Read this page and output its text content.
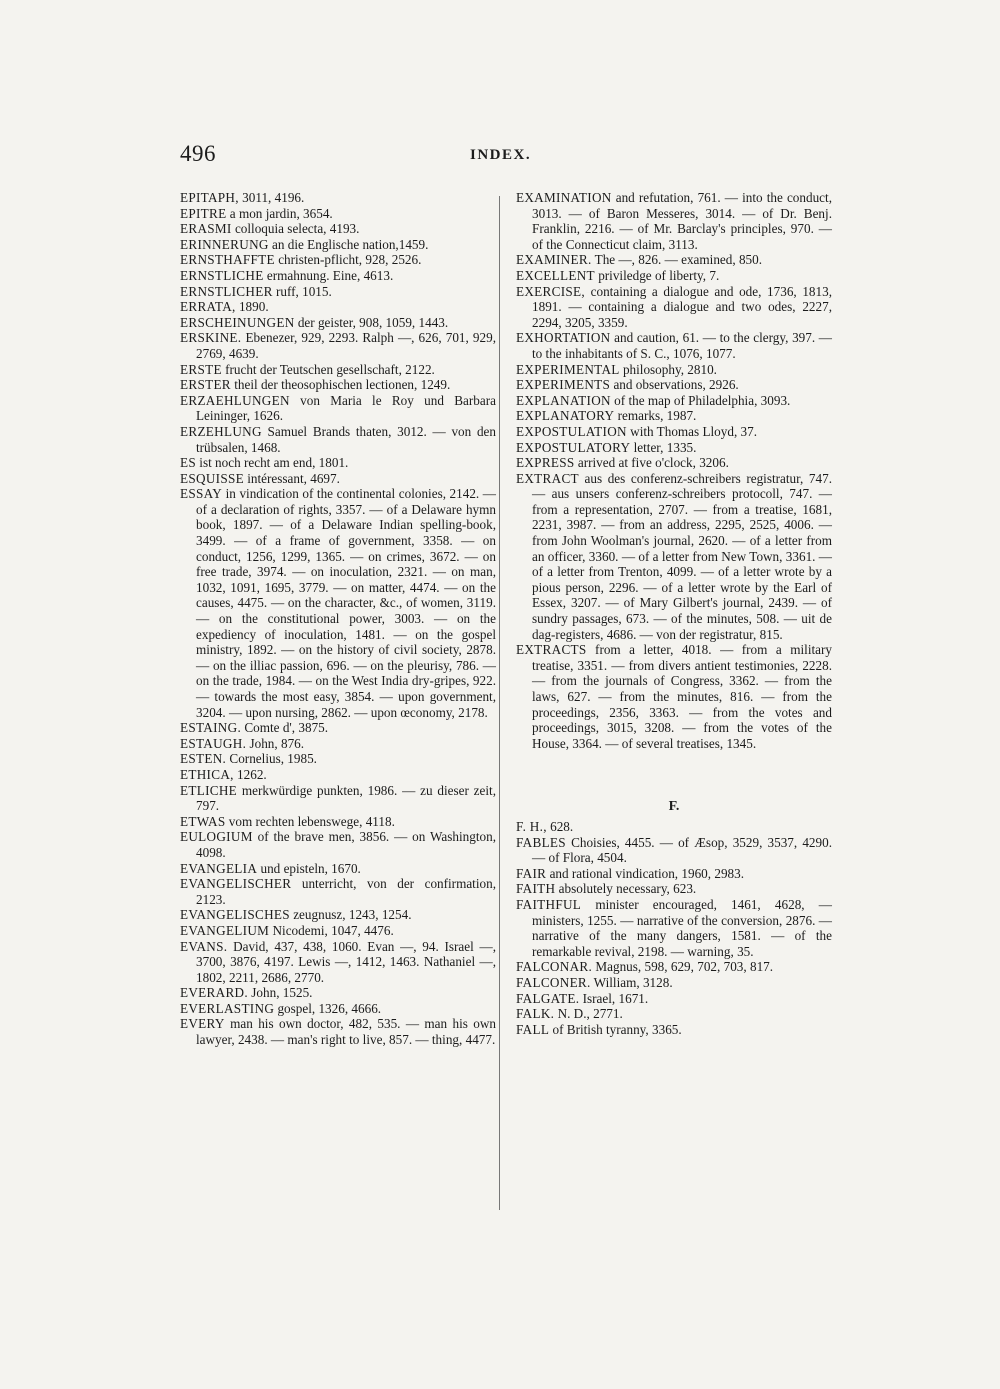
496	INDEX.
EPITAPH, 3011, 4196.
EPITRE a mon jardin, 3654.
ERASMI colloquia selecta, 4193.
ERINNERUNG an die Englische nation,1459.
ERNSTHAFFTE christen-pflicht, 928, 2526.
ERNSTLICHE ermahnung. Eine, 4613.
ERNSTLICHER ruff, 1015.
ERRATA, 1890.
ERSCHEINUNGEN der geister, 908, 1059, 1443.
ERSKINE. Ebenezer, 929, 2293. Ralph —, 626, 701, 929, 2769, 4639.
ERSTE frucht der Teutschen gesellschaft, 2122.
ERSTER theil der theosophischen lectionen, 1249.
ERZAEHLUNGEN von Maria le Roy und Barbara Leininger, 1626.
ERZEHLUNG Samuel Brands thaten, 3012. — von den trübsalen, 1468.
ES ist noch recht am end, 1801.
ESQUISSE intéressant, 4697.
ESSAY in vindication of the continental colonies, 2142. — of a declaration of rights, 3357. — of a Delaware hymn book, 1897. — of a Delaware Indian spelling-book, 3499. — of a frame of government, 3358. — on conduct, 1256, 1299, 1365. — on crimes, 3672. — on free trade, 3974. — on inoculation, 2321. — on man, 1032, 1091, 1695, 3779. — on matter, 4474. — on the causes, 4475. — on the character, &c., of women, 3119. — on the constitutional power, 3003. — on the expediency of inoculation, 1481. — on the gospel ministry, 1892. — on the history of civil society, 2878. — on the illiac passion, 696. — on the pleurisy, 786. — on the trade, 1984. — on the West India dry-gripes, 922. — towards the most easy, 3854. — upon government, 3204. — upon nursing, 2862. — upon œconomy, 2178.
ESTAING. Comte d', 3875.
ESTAUGH. John, 876.
ESTEN. Cornelius, 1985.
ETHICA, 1262.
ETLICHE merkwürdige punkten, 1986. — zu dieser zeit, 797.
ETWAS vom rechten lebenswege, 4118.
EULOGIUM of the brave men, 3856. — on Washington, 4098.
EVANGELIA und episteln, 1670.
EVANGELISCHER unterricht, von der confirmation, 2123.
EVANGELISCHES zeugnusz, 1243, 1254.
EVANGELIUM Nicodemi, 1047, 4476.
EVANS. David, 437, 438, 1060. Evan —, 94. Israel —, 3700, 3876, 4197. Lewis —, 1412, 1463. Nathaniel —, 1802, 2211, 2686, 2770.
EVERARD. John, 1525.
EVERLASTING gospel, 1326, 4666.
EVERY man his own doctor, 482, 535. — man his own lawyer, 2438. — man's right to live, 857. — thing, 4477.
EXAMINATION and refutation, 761. — into the conduct, 3013. — of Baron Messeres, 3014. — of Dr. Benj. Franklin, 2216. — of Mr. Barclay's principles, 970. — of the Connecticut claim, 3113.
EXAMINER. The —, 826. — examined, 850.
EXCELLENT priviledge of liberty, 7.
EXERCISE, containing a dialogue and ode, 1736, 1813, 1891. — containing a dialogue and two odes, 2227, 2294, 3205, 3359.
EXHORTATION and caution, 61. — to the clergy, 397. — to the inhabitants of S. C., 1076, 1077.
EXPERIMENTAL philosophy, 2810.
EXPERIMENTS and observations, 2926.
EXPLANATION of the map of Philadelphia, 3093.
EXPLANATORY remarks, 1987.
EXPOSTULATION with Thomas Lloyd, 37.
EXPOSTULATORY letter, 1335.
EXPRESS arrived at five o'clock, 3206.
EXTRACT aus des conferenz-schreibers registratur, 747. — aus unsers conferenz-schreibers protocoll, 747. — from a representation, 2707. — from a treatise, 1681, 2231, 3987. — from an address, 2295, 2525, 4006. — from John Woolman's journal, 2620. — of a letter from an officer, 3360. — of a letter from New Town, 3361. — of a letter from Trenton, 4099. — of a letter wrote by a pious person, 2296. — of a letter wrote by the Earl of Essex, 3207. — of Mary Gilbert's journal, 2439. — of sundry passages, 673. — of the minutes, 508. — uit de dag-registers, 4686. — von der registratur, 815.
EXTRACTS from a letter, 4018. — from a military treatise, 3351. — from divers antient testimonies, 2228. — from the journals of Congress, 3362. — from the laws, 627. — from the minutes, 816. — from the proceedings, 2356, 3363. — from the votes and proceedings, 3015, 3208. — from the votes of the House, 3364. — of several treatises, 1345.
F.
F. H., 628.
FABLES Choisies, 4455. — of Æsop, 3529, 3537, 4290. — of Flora, 4504.
FAIR and rational vindication, 1960, 2983.
FAITH absolutely necessary, 623.
FAITHFUL minister encouraged, 1461, 4628, — ministers, 1255. — narrative of the conversion, 2876. — narrative of the many dangers, 1581. — of the remarkable revival, 2198. — warning, 35.
FALCONAR. Magnus, 598, 629, 702, 703, 817.
FALCONER. William, 3128.
FALGATE. Israel, 1671.
FALK. N. D., 2771.
FALL of British tyranny, 3365.
